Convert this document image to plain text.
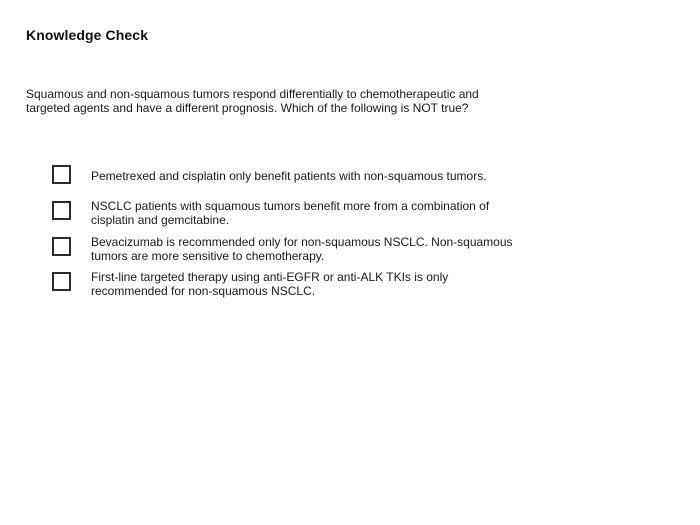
Knowledge Check
Squamous and non-squamous tumors respond differentially to chemotherapeutic and targeted agents and have a different prognosis. Which of the following is NOT true?
Pemetrexed and cisplatin only benefit patients with non-squamous tumors.
NSCLC patients with squamous tumors benefit more from a combination of cisplatin and gemcitabine.
Bevacizumab is recommended only for non-squamous NSCLC. Non-squamous tumors are more sensitive to chemotherapy.
First-line targeted therapy using anti-EGFR or anti-ALK TKIs is only recommended for non-squamous NSCLC.
